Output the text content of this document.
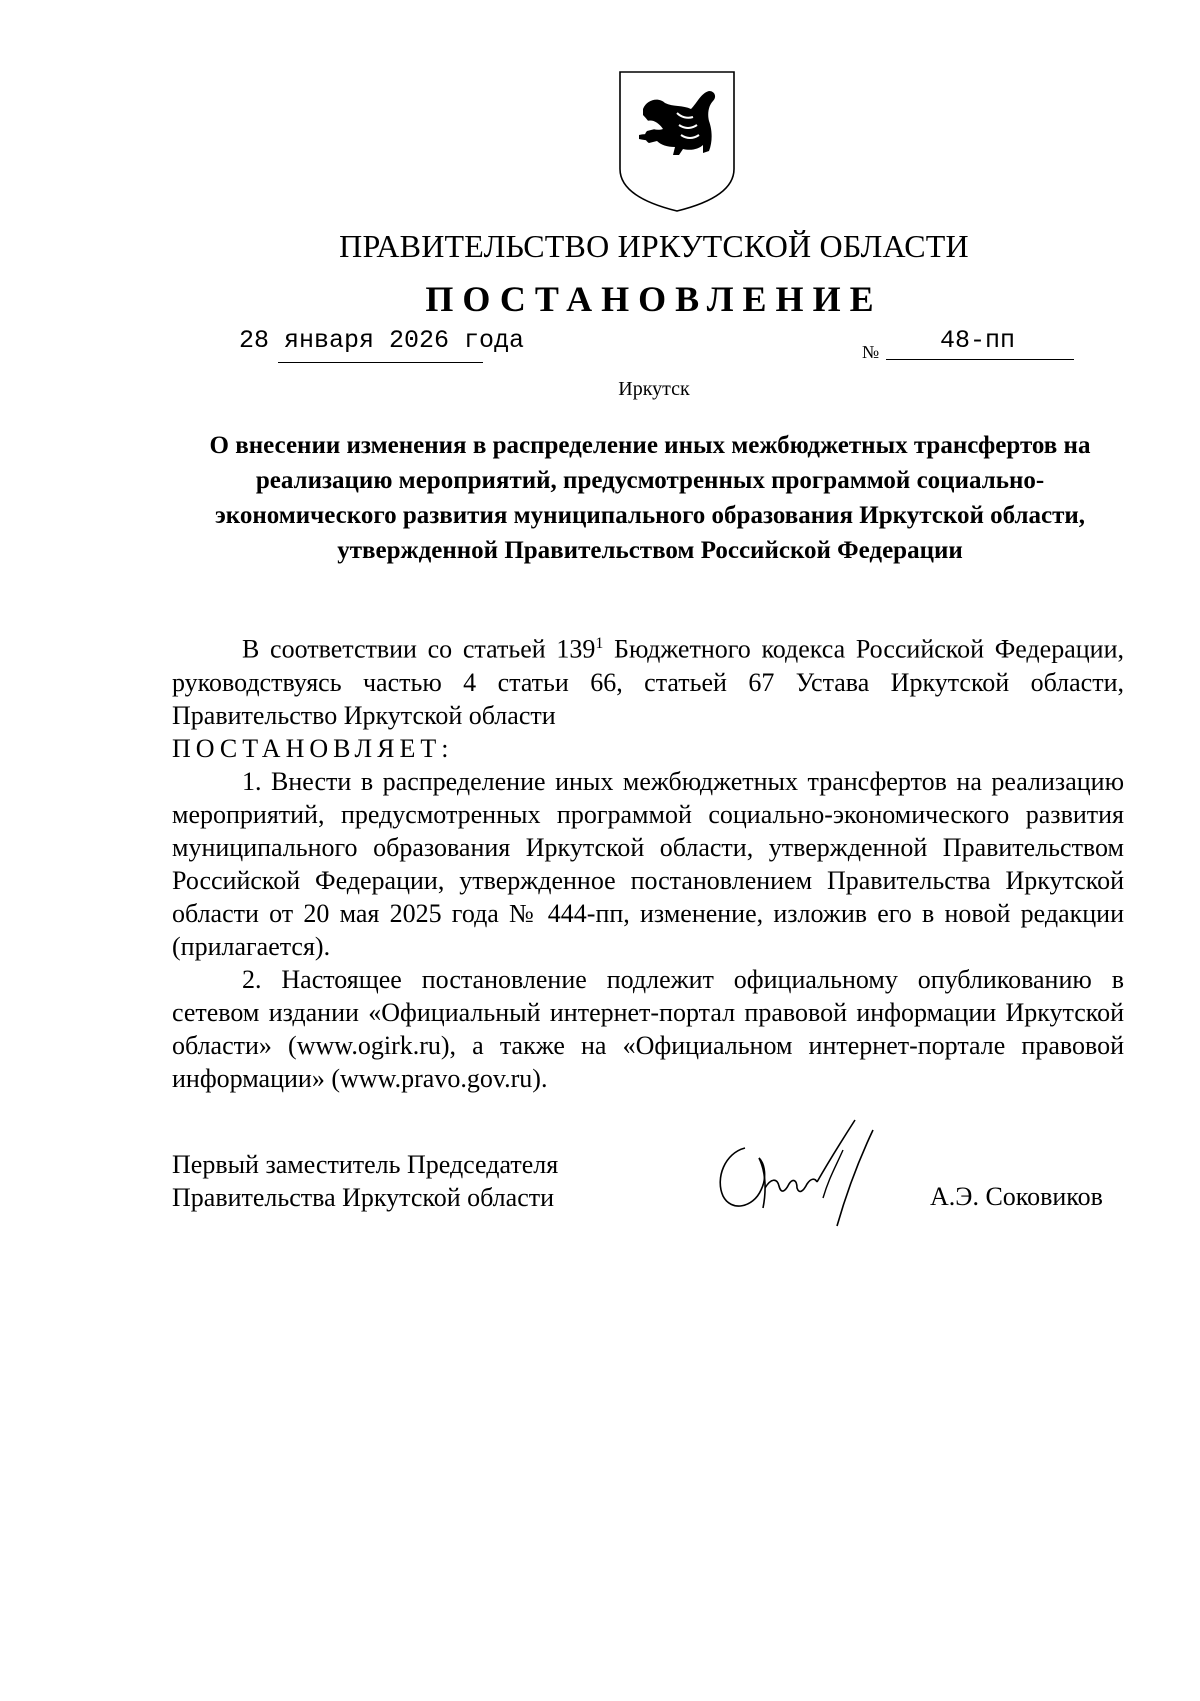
ПРАВИТЕЛЬСТВО ИРКУТСКОЙ ОБЛАСТИ
ПОСТАНОВЛЕНИЕ
28 января 2026 года	№ 48-пп
Иркутск
О внесении изменения в распределение иных межбюджетных трансфертов на реализацию мероприятий, предусмотренных программой социально-экономического развития муниципального образования Иркутской области, утвержденной Правительством Российской Федерации

В соответствии со статьей $139^1$ Бюджетного кодекса Российской Федерации, руководствуясь частью 4 статьи 66, статьей 67 Устава Иркутской области, Правительство Иркутской области

ПОСТАНОВЛЯЕТ:

1. Внести в распределение иных межбюджетных трансфертов на реализацию мероприятий, предусмотренных программой социально-экономического развития муниципального образования Иркутской области, утвержденной Правительством Российской Федерации, утвержденное постановлением Правительства Иркутской области от 20 мая 2025 года № 444-пп, изменение, изложив его в новой редакции (прилагается).

2. Настоящее постановление подлежит официальному опубликованию в сетевом издании «Официальный интернет-портал правовой информации Иркутской области» (www.ogirk.ru), а также на «Официальном интернет-портале правовой информации» (www.pravo.gov.ru).

Первый заместитель Председателя
Правительства Иркутской области	А.Э. Соковиков
